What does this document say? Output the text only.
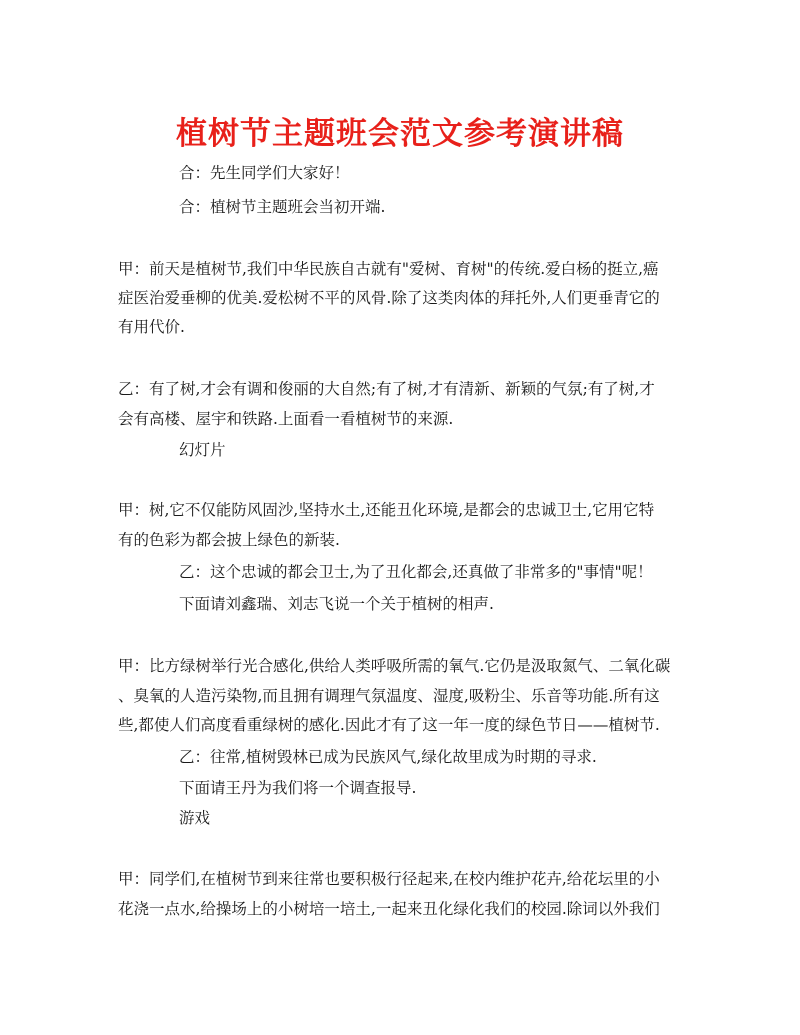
植树节主题班会范文参考演讲稿

合：先生同学们大家好！

合：植树节主题班会当初开端.

甲：前天是植树节,我们中华民族自古就有"爱树、育树"的传统.爱白杨的挺立,癌

症医治爱垂柳的优美.爱松树不平的风骨.除了这类肉体的拜托外,人们更垂青它的

有用代价.

乙：有了树,才会有调和俊丽的大自然;有了树,才有清新、新颖的气氛;有了树,才

会有高楼、屋宇和铁路.上面看一看植树节的来源.

幻灯片

甲：树,它不仅能防风固沙,坚持水土,还能丑化环境,是都会的忠诚卫士,它用它特

有的色彩为都会披上绿色的新装.

乙：这个忠诚的都会卫士,为了丑化都会,还真做了非常多的"事情"呢！

下面请刘鑫瑞、刘志飞说一个关于植树的相声.

甲：比方绿树举行光合感化,供给人类呼吸所需的氧气.它仍是汲取氮气、二氧化碳

、臭氧的人造污染物,而且拥有调理气氛温度、湿度,吸粉尘、乐音等功能.所有这

些,都使人们高度看重绿树的感化.因此才有了这一年一度的绿色节日——植树节.

乙：往常,植树毁林已成为民族风气,绿化故里成为时期的寻求.

下面请王丹为我们将一个调查报导.

游戏

甲：同学们,在植树节到来往常也要积极行径起来,在校内维护花卉,给花坛里的小

花浇一点水,给操场上的小树培一培土,一起来丑化绿化我们的校园.除词以外我们
